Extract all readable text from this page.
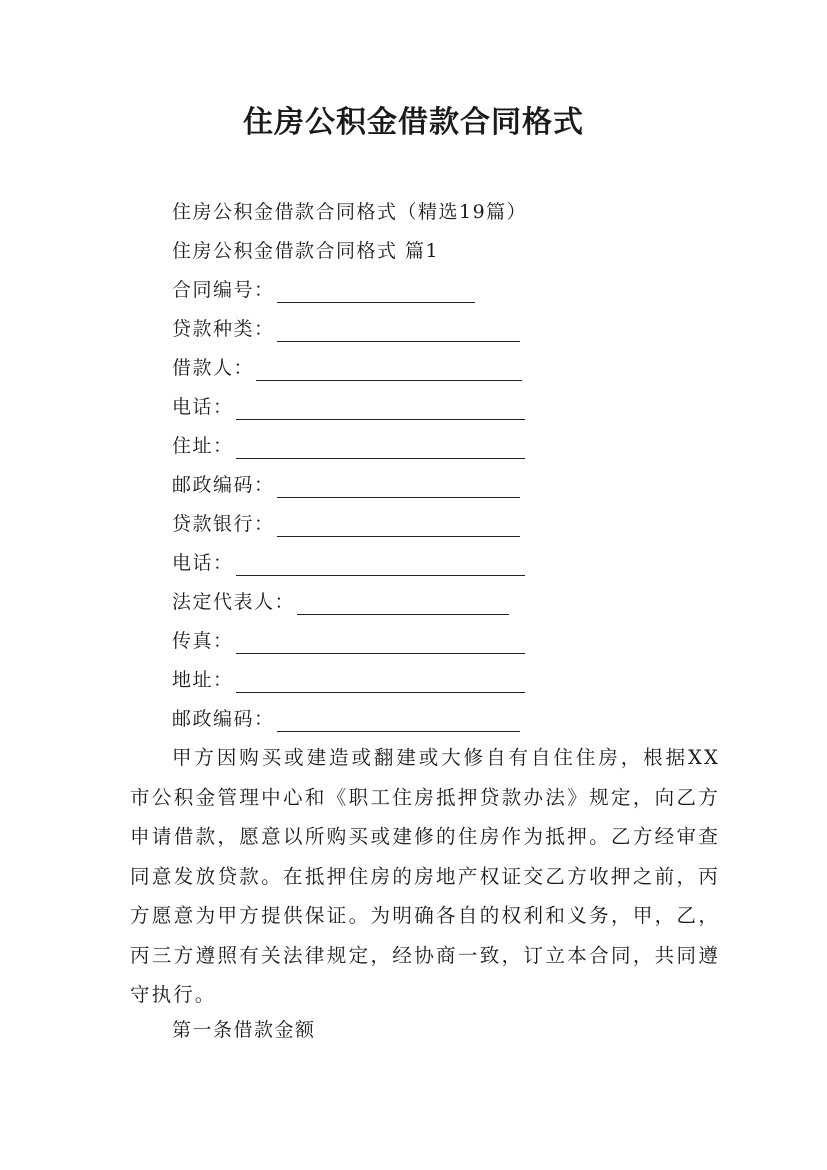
住房公积金借款合同格式
住房公积金借款合同格式（精选19篇）
住房公积金借款合同格式 篇1
合同编号：
贷款种类：
借款人：
电话：
住址：
邮政编码：
贷款银行：
电话：
法定代表人：
传真：
地址：
邮政编码：
甲方因购买或建造或翻建或大修自有自住住房，根据XX市公积金管理中心和《职工住房抵押贷款办法》规定，向乙方申请借款，愿意以所购买或建修的住房作为抵押。乙方经审查同意发放贷款。在抵押住房的房地产权证交乙方收押之前，丙方愿意为甲方提供保证。为明确各自的权利和义务，甲，乙，丙三方遵照有关法律规定，经协商一致，订立本合同，共同遵守执行。
第一条借款金额
